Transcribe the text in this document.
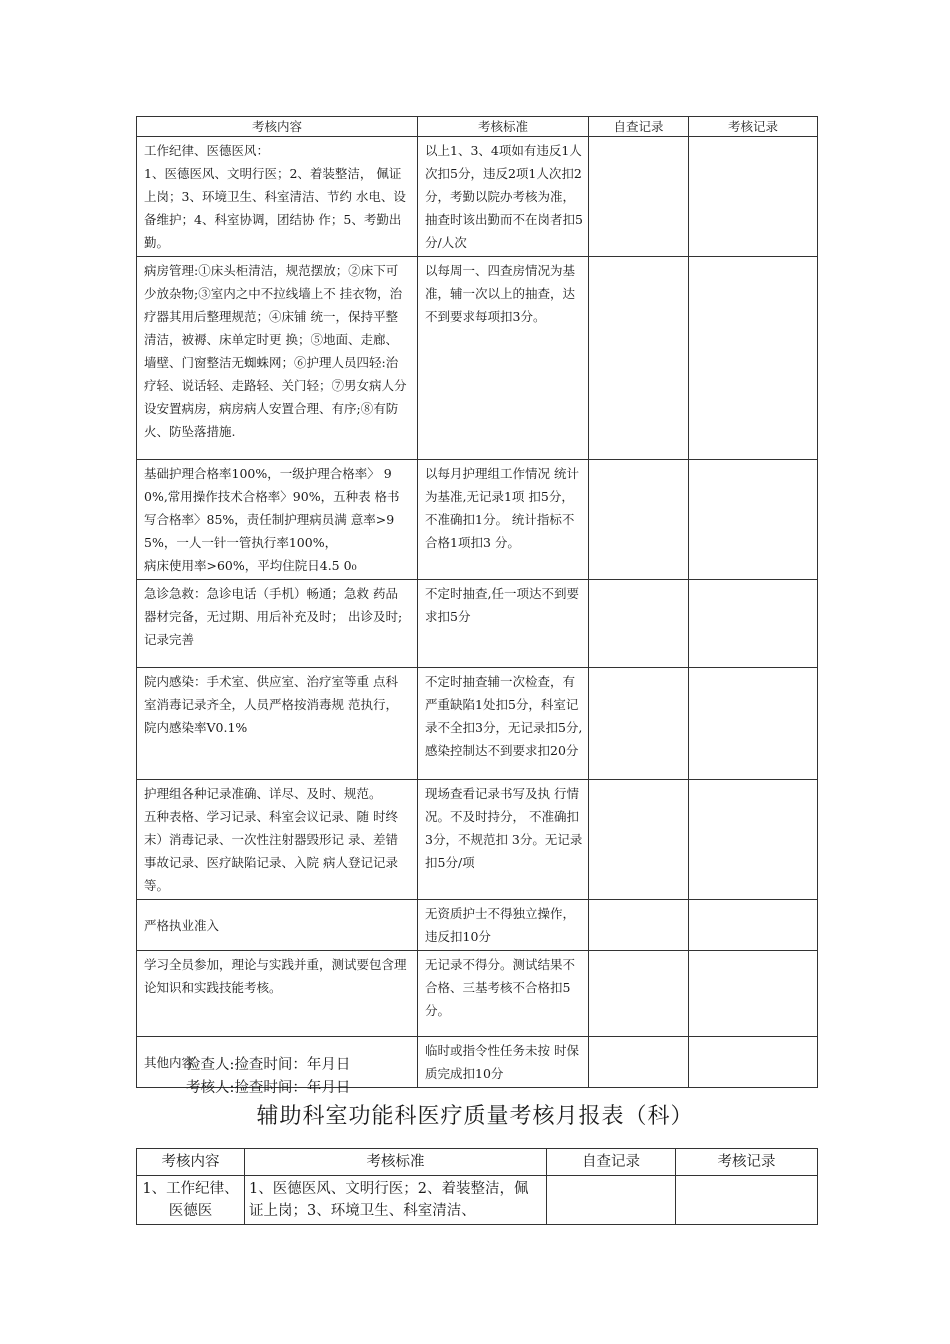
考核内容	考核标准	自查记录	考核记录

工作纪律、医德医风：
1、医德医风、文明行医；2、着装整洁， 佩证上岗；3、环境卫生、科室清洁、节约 水电、设备维护；4、科室协调，团结协 作；5、考勤出勤。	以上1、3、4项如有违反1人次扣5分，违反2项1人次扣2分，考勤以院办考核为准，抽查时该出勤而不在岗者扣5分/人次		

病房管理:①床头柜清洁，规范摆放；②床下可少放杂物;③室内之中不拉线墙上不 挂衣物，治疗器其用后整理规范；④床铺 统一，保持平整清洁，被褥、床单定时更 换；⑤地面、走廊、墙壁、门窗整洁无蜘蛛网；⑥护理人员四轻:治疗轻、说话轻、走路轻、关门轻；⑦男女病人分设安置病房，病房病人安置合理、有序;⑧有防火、防坠落措施.	以每周一、四查房情况为基准，辅一次以上的抽查，达不到要求每项扣3分。		

基础护理合格率100%，一级护理合格率〉 90%,常用操作技术合格率〉90%，五种表 格书写合格率〉85%，责任制护理病员满 意率>95%，一人一针一管执行率100%，
病床使用率>60%，平均住院日4.5 0₀	以每月护理组工作情况 统计为基准,无记录1项 扣5分，不准确扣1分。 统计指标不合格1项扣3 分。		

急诊急救：急诊电话（手机）畅通；急救 药品器材完备，无过期、用后补充及时； 出诊及时;记录完善	不定时抽查,任一项达不到要求扣5分		

院内感染：手术室、供应室、治疗室等重 点科室消毒记录齐全，人员严格按消毒规 范执行，院内感染率V0.1%	不定时抽查辅一次检查，有严重缺陷1处扣5分，科室记录不全扣3分，无记录扣5分,感染控制达不到要求扣20分		

护理组各种记录准确、详尽、及时、规范。
五种表格、学习记录、科室会议记录、随 时终末）消毒记录、一次性注射器毁形记 录、差错事故记录、医疗缺陷记录、入院 病人登记记录等。	现场查看记录书写及执 行情况。不及时持分， 不准确扣3分，不规范扣 3分。无记录扣5分/项		

严格执业准入	无资质护士不得独立操作，违反扣10分		

学习全员参加，理论与实践并重，测试要包含理论知识和实践技能考核。	无记录不得分。测试结果不合格、三基考核不合格扣5分。		

其他内容	临时或指令性任务未按 时保质完成扣10分		

捡查人:捡查时间：年月日
考核人:捡查时间：年月日
辅助科室功能科医疗质量考核月报表（科）
考核内容	考核标准	自查记录	考核记录
1、工作纪律、医德医	1、医德医风、文明行医；2、着装整洁，佩证上岗；3、环境卫生、科室清洁、		
